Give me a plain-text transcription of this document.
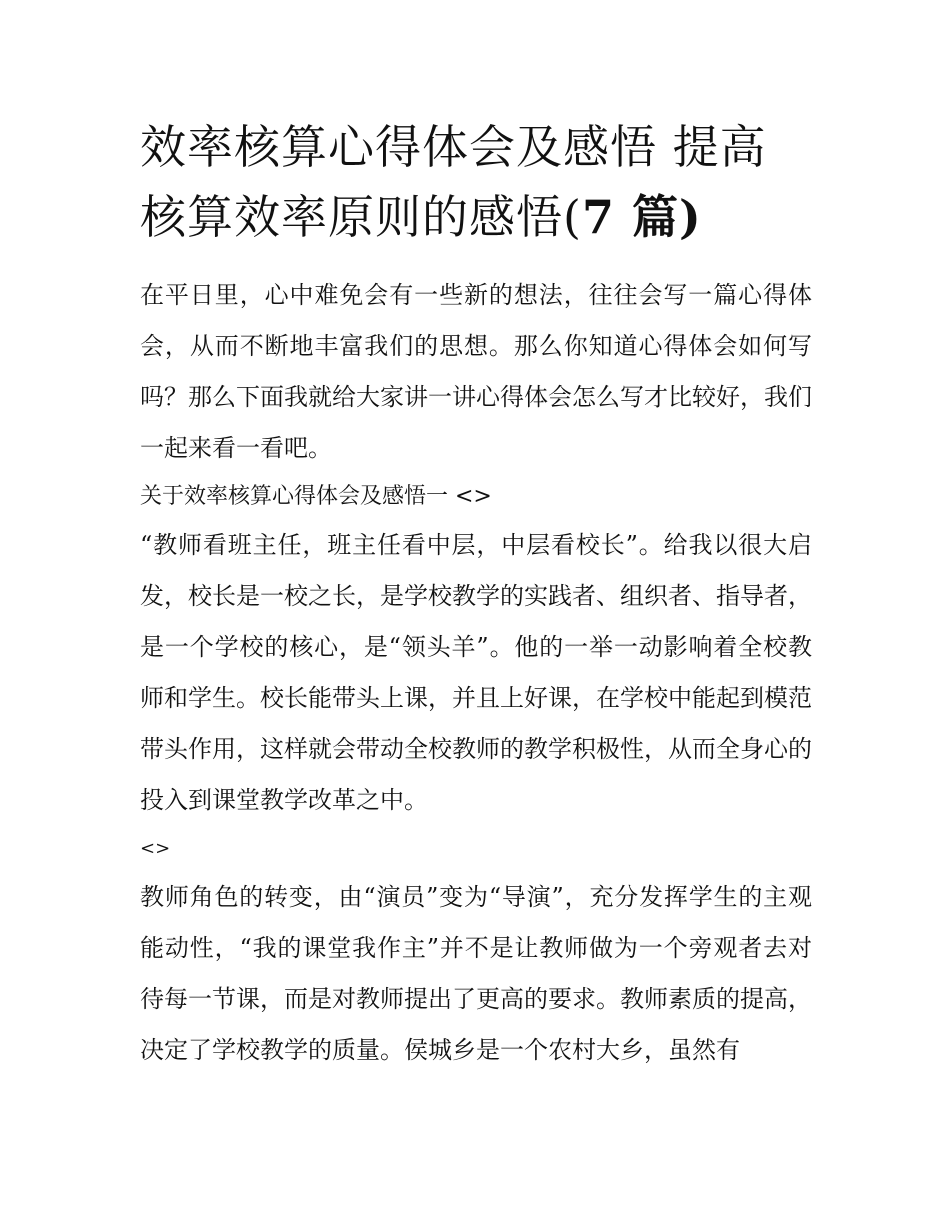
效率核算心得体会及感悟 提高核算效率原则的感悟(7 篇)

在平日里，心中难免会有一些新的想法，往往会写一篇心得体会，从而不断地丰富我们的思想。那么你知道心得体会如何写吗？那么下面我就给大家讲一讲心得体会怎么写才比较好，我们一起来看一看吧。

关于效率核算心得体会及感悟一 <>

“教师看班主任，班主任看中层，中层看校长”。给我以很大启发，校长是一校之长，是学校教学的实践者、组织者、指导者，是一个学校的核心，是“领头羊”。他的一举一动影响着全校教师和学生。校长能带头上课，并且上好课，在学校中能起到模范带头作用，这样就会带动全校教师的教学积极性，从而全身心的投入到课堂教学改革之中。

<>

教师角色的转变，由“演员”变为“导演”，充分发挥学生的主观能动性，“我的课堂我作主”并不是让教师做为一个旁观者去对待每一节课，而是对教师提出了更高的要求。教师素质的提高，决定了学校教学的质量。侯城乡是一个农村大乡，虽然有
